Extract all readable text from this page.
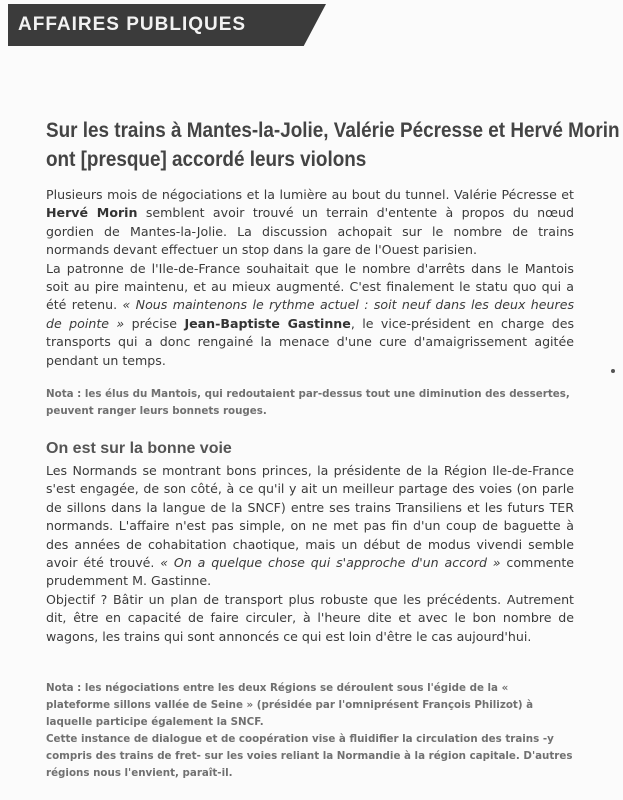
AFFAIRES PUBLIQUES
Sur les trains à Mantes-la-Jolie, Valérie Pécresse et Hervé Morin
ont [presque] accordé leurs violons

Plusieurs mois de négociations et la lumière au bout du tunnel. Valérie Pécresse et Hervé Morin semblent avoir trouvé un terrain d'entente à propos du nœud gordien de Mantes-la-Jolie. La discussion achopait sur le nombre de trains normands devant effectuer un stop dans la gare de l'Ouest parisien.

La patronne de l'Ile-de-France souhaitait que le nombre d'arrêts dans le Mantois soit au pire maintenu, et au mieux augmenté. C'est finalement le statu quo qui a été retenu. « Nous maintenons le rythme actuel : soit neuf dans les deux heures de pointe » précise Jean-Baptiste Gastinne, le vice-président en charge des transports qui a donc rengainé la menace d'une cure d'amaigrissement agitée pendant un temps.

Nota : les élus du Mantois, qui redoutaient par-dessus tout une diminution des dessertes, peuvent ranger leurs bonnets rouges.

On est sur la bonne voie

Les Normands se montrant bons princes, la présidente de la Région Ile-de-France s'est engagée, de son côté, à ce qu'il y ait un meilleur partage des voies (on parle de sillons dans la langue de la SNCF) entre ses trains Transiliens et les futurs TER normands. L'affaire n'est pas simple, on ne met pas fin d'un coup de baguette à des années de cohabitation chaotique, mais un début de modus vivendi semble avoir été trouvé. « On a quelque chose qui s'approche d'un accord » commente prudemment M. Gastinne.

Objectif ? Bâtir un plan de transport plus robuste que les précédents. Autrement dit, être en capacité de faire circuler, à l'heure dite et avec le bon nombre de wagons, les trains qui sont annoncés ce qui est loin d'être le cas aujourd'hui.

Nota : les négociations entre les deux Régions se déroulent sous l'égide de la « plateforme sillons vallée de Seine » (présidée par l'omniprésent François Philizot) à laquelle participe également la SNCF.

Cette instance de dialogue et de coopération vise à fluidifier la circulation des trains -y compris des trains de fret- sur les voies reliant la Normandie à la région capitale. D'autres régions nous l'envient, paraît-il.
